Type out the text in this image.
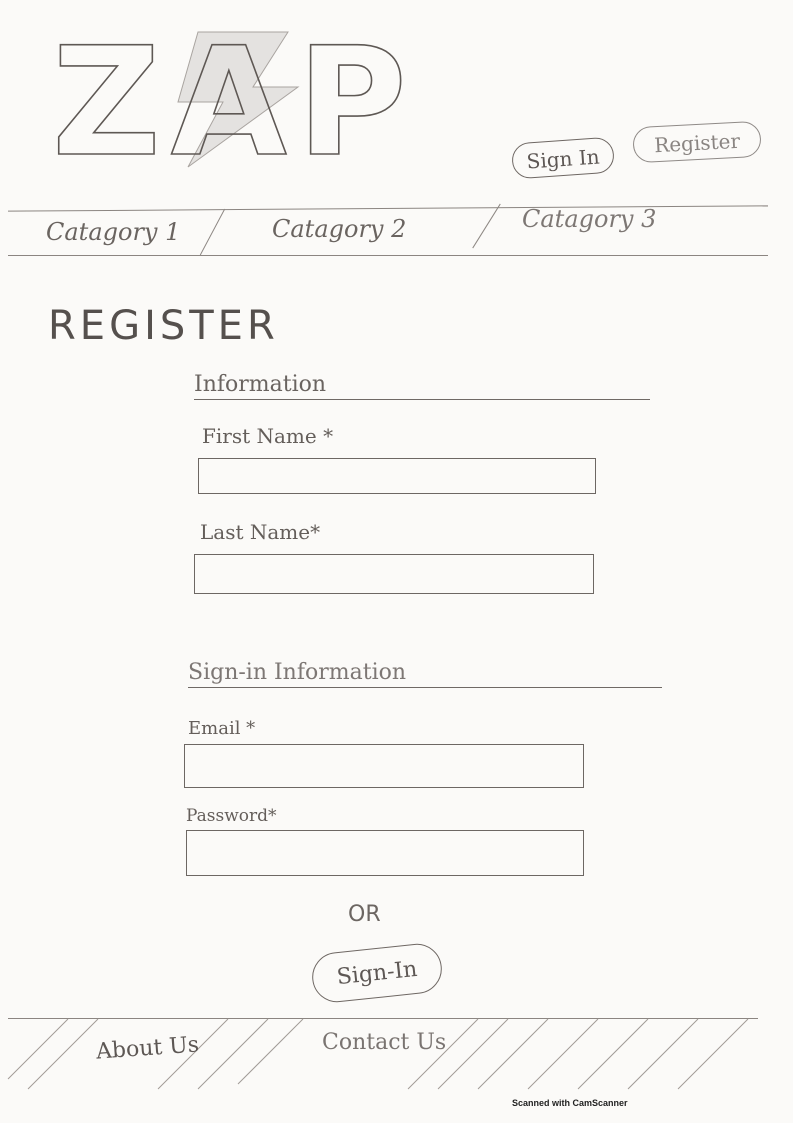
ZAP	Sign In
Register
Catagory 1	Catagory 2	Catagory 3
REGISTER
Information
First Name *
Last Name*
Sign-in Information
Email *
Password*
OR
Sign-In
About Us	Contact Us
Scanned with CamScanner
